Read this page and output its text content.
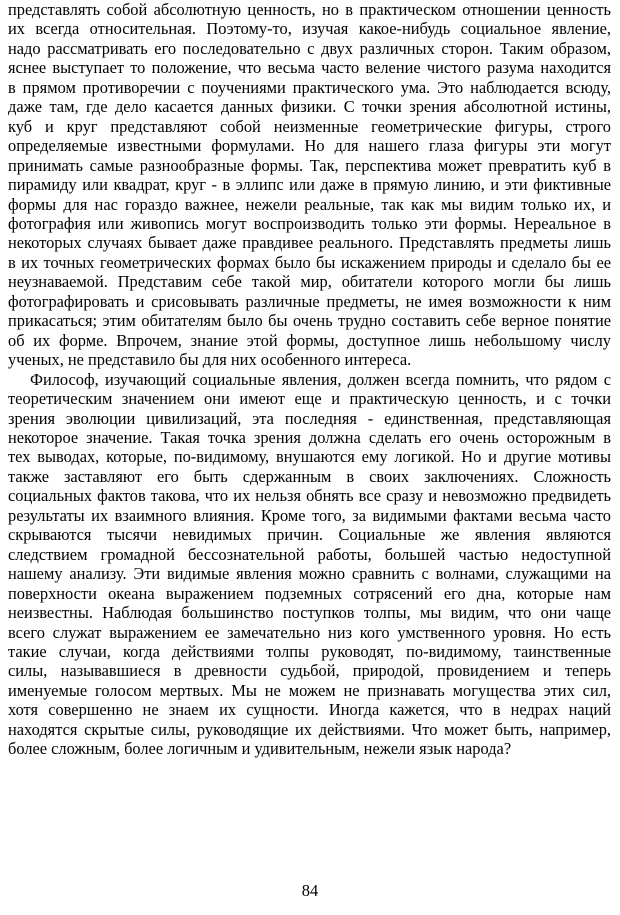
представлять собой абсолютную ценность, но в практическом отношении ценность
их всегда относительная. Поэтому-то, изучая какое-нибудь социальное явление,
надо рассматривать его последовательно с двух различных сторон. Таким образом,
яснее выступает то положение, что весьма часто веление чистого разума находится
в прямом противоречии с поучениями практического ума. Это наблюдается всюду,
даже там, где дело касается данных физики. С точки зрения абсолютной истины,
куб и круг представляют собой неизменные геометрические фигуры, строго
определяемые известными формулами. Но для нашего глаза фигуры эти могут
принимать самые разнообразные формы. Так, перспектива может превратить куб в
пирамиду или квадрат, круг - в эллипс или даже в прямую линию, и эти фиктивные
формы для нас гораздо важнее, нежели реальные, так как мы видим только их, и
фотография или живопись могут воспроизводить только эти формы. Нереальное в
некоторых случаях бывает даже правдивее реального. Представлять предметы лишь
в их точных геометрических формах было бы искажением природы и сделало бы ее
неузнаваемой. Представим себе такой мир, обитатели которого могли бы лишь
фотографировать и срисовывать различные предметы, не имея возможности к ним
прикасаться; этим обитателям было бы очень трудно составить себе верное понятие
об их форме. Впрочем, знание этой формы, доступное лишь небольшому числу
ученых, не представило бы для них особенного интереса.
Философ, изучающий социальные явления, должен всегда помнить, что рядом с
теоретическим значением они имеют еще и практическую ценность, и с точки
зрения эволюции цивилизаций, эта последняя - единственная, представляющая
некоторое значение. Такая точка зрения должна сделать его очень осторожным в
тех выводах, которые, по-видимому, внушаются ему логикой. Но и другие мотивы
также заставляют его быть сдержанным в своих заключениях. Сложность
социальных фактов такова, что их нельзя обнять все сразу и невозможно предвидеть
результаты их взаимного влияния. Кроме того, за видимыми фактами весьма часто
скрываются тысячи невидимых причин. Социальные же явления являются
следствием громадной бессознательной работы, большей частью недоступной
нашему анализу. Эти видимые явления можно сравнить с волнами, служащими на
поверхности океана выражением подземных сотрясений его дна, которые нам
неизвестны. Наблюдая большинство поступков толпы, мы видим, что они чаще
всего служат выражением ее замечательно низ кого умственного уровня. Но есть
такие случаи, когда действиями толпы руководят, по-видимому, таинственные
силы, называвшиеся в древности судьбой, природой, провидением и теперь
именуемые голосом мертвых. Мы не можем не признавать могущества этих сил,
хотя совершенно не знаем их сущности. Иногда кажется, что в недрах наций
находятся скрытые силы, руководящие их действиями. Что может быть, например,
более сложным, более логичным и удивительным, нежели язык народа?
84
